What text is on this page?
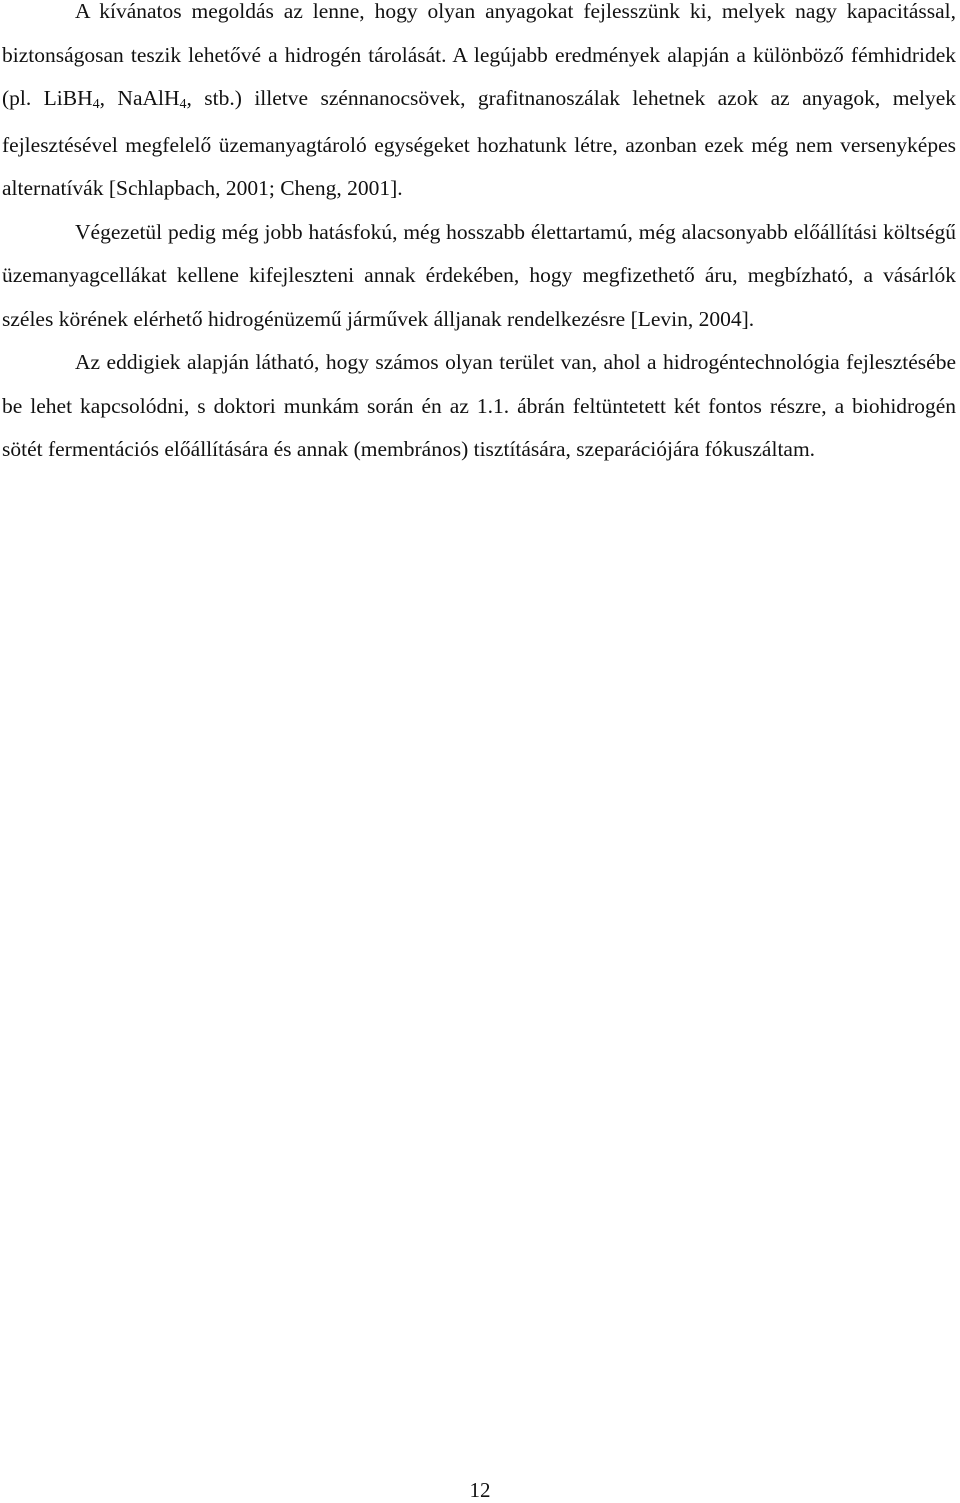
A kívánatos megoldás az lenne, hogy olyan anyagokat fejlesszünk ki, melyek nagy kapacitással, biztonságosan teszik lehetővé a hidrogén tárolását. A legújabb eredmények alapján a különböző fémhidridek (pl. LiBH$_4$, NaAlH$_4$, stb.) illetve szénnanocsövek, grafitnanoszálak lehetnek azok az anyagok, melyek fejlesztésével megfelelő üzemanyagtároló egységeket hozhatunk létre, azonban ezek még nem versenyképes alternatívák [Schlapbach, 2001; Cheng, 2001].

Végezetül pedig még jobb hatásfokú, még hosszabb élettartamú, még alacsonyabb előállítási költségű üzemanyagcellákat kellene kifejleszteni annak érdekében, hogy megfizethető áru, megbízható, a vásárlók széles körének elérhető hidrogénüzemű járművek álljanak rendelkezésre [Levin, 2004].

Az eddigiek alapján látható, hogy számos olyan terület van, ahol a hidrogéntechnológia fejlesztésébe be lehet kapcsolódni, s doktori munkám során én az 1.1. ábrán feltüntetett két fontos részre, a biohidrogén sötét fermentációs előállítására és annak (membrános) tisztítására, szeparációjára fókuszáltam.

12
